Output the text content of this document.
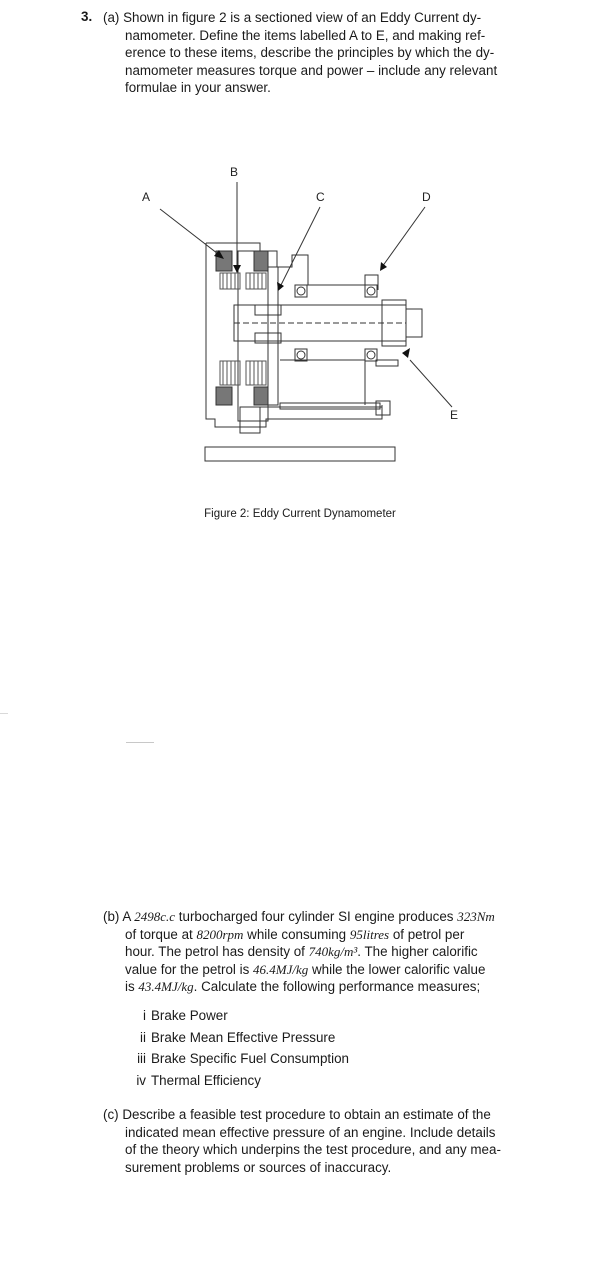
3. (a) Shown in figure 2 is a sectioned view of an Eddy Current dy-
namometer. Define the items labelled A to E, and making ref-
erence to these items, describe the principles by which the dy-
namometer measures torque and power – include any relevant
formulae in your answer.
A
B
C	D
E
Figure 2: Eddy Current Dynamometer
(b) A 2498c.c turbocharged four cylinder SI engine produces 323Nm
of torque at 8200rpm while consuming 95litres of petrol per
hour. The petrol has density of 740kg/m³. The higher calorific
value for the petrol is 46.4MJ/kg while the lower calorific value
is 43.4MJ/kg. Calculate the following performance measures;
i Brake Power
ii Brake Mean Effective Pressure
iii Brake Specific Fuel Consumption
iv Thermal Efficiency
(c) Describe a feasible test procedure to obtain an estimate of the
indicated mean effective pressure of an engine. Include details
of the theory which underpins the test procedure, and any mea-
surement problems or sources of inaccuracy.
